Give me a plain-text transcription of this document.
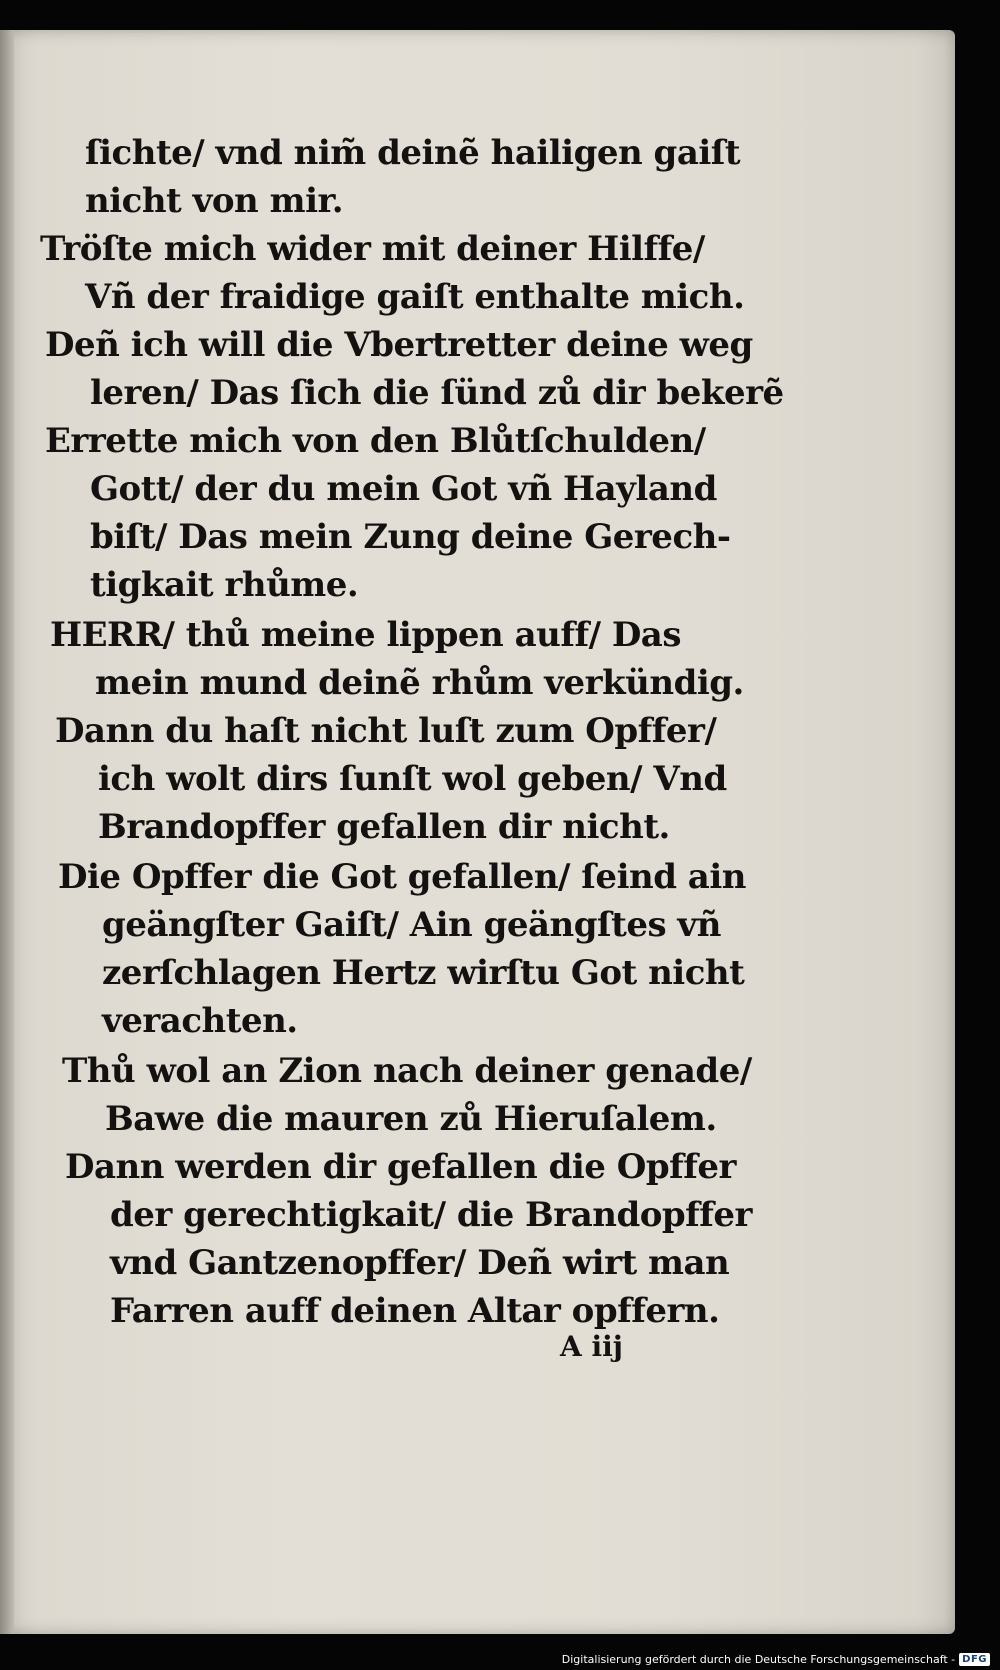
ſichte/ vnd nim̃ deinẽ hailigen gaiſt
nicht von mir.
Tröſte mich wider mit deiner Hilffe/
Vñ der fraidige gaiſt enthalte mich.
Deñ ich will die Vbertretter deine weg
leren/ Das ſich die ſünd zů dir bekerẽ
Errette mich von den Blůtſchulden/
Gott/ der du mein Got vñ Hayland
biſt/ Das mein Zung deine Gerech-
tigkait rhůme.
HERR/ thů meine lippen auff/ Das
mein mund deinẽ rhům verkündig.
Dann du haſt nicht luſt zum Opffer/
ich wolt dirs ſunſt wol geben/ Vnd
Brandopffer gefallen dir nicht.
Die Opffer die Got gefallen/ ſeind ain
geängſter Gaiſt/ Ain geängſtes vñ
zerſchlagen Hertz wirſtu Got nicht
verachten.
Thů wol an Zion nach deiner genade/
Bawe die mauren zů Hieruſalem.
Dann werden dir gefallen die Opffer
der gerechtigkait/ die Brandopffer
vnd Gantzenopffer/ Deñ wirt man
Farren auff deinen Altar opffern.
A iij
Digitalisierung gefördert durch die Deutsche Forschungsgemeinschaft - DFG
